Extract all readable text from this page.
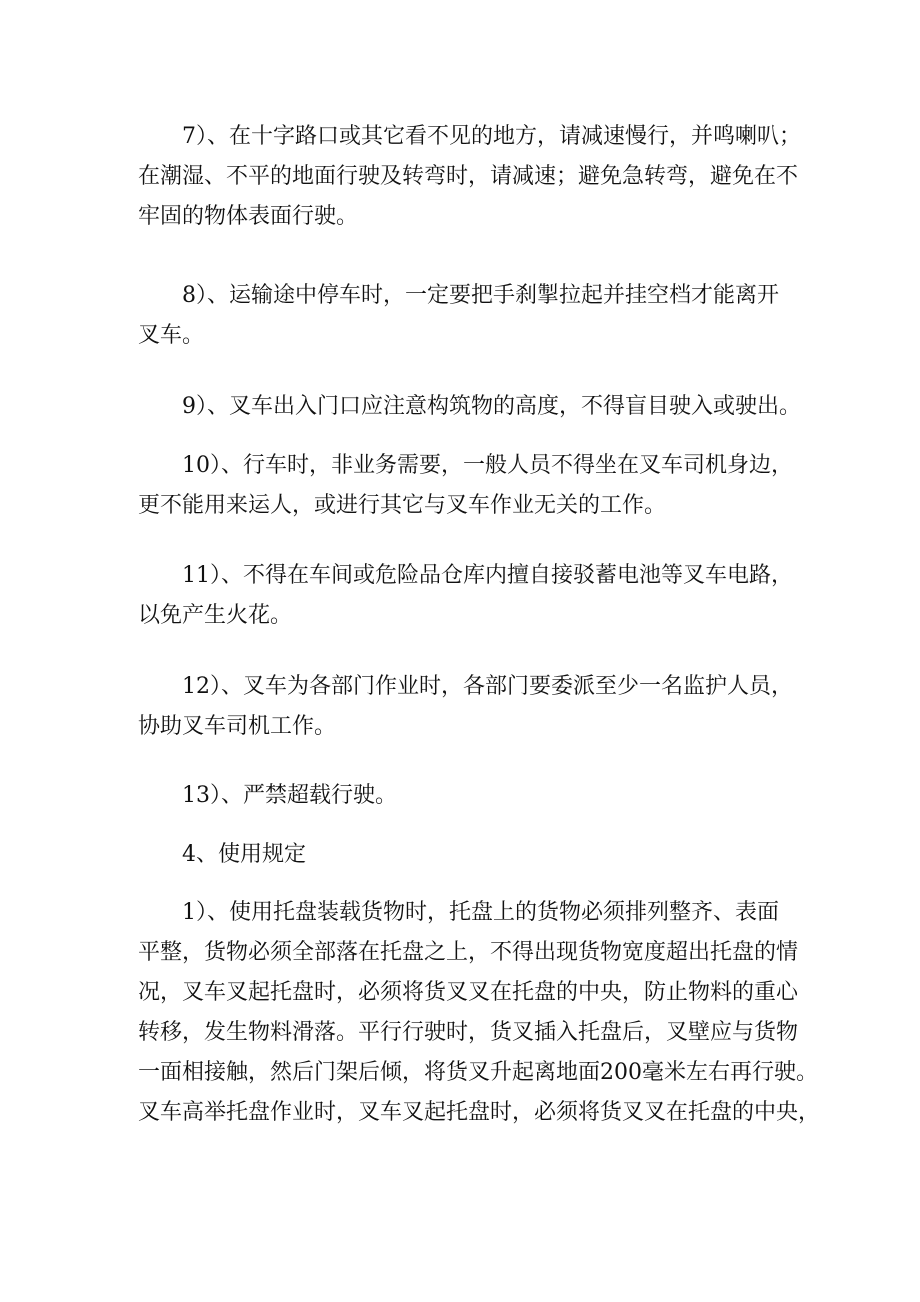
7）、在十字路口或其它看不见的地方，请减速慢行，并鸣喇叭；
在潮湿、不平的地面行驶及转弯时，请减速；避免急转弯，避免在不
牢固的物体表面行驶。
8）、运输途中停车时，一定要把手刹掣拉起并挂空档才能离开
叉车。
9）、叉车出入门口应注意构筑物的高度，不得盲目驶入或驶出。
10）、行车时，非业务需要，一般人员不得坐在叉车司机身边，
更不能用来运人，或进行其它与叉车作业无关的工作。
11）、不得在车间或危险品仓库内擅自接驳蓄电池等叉车电路，
以免产生火花。
12）、叉车为各部门作业时，各部门要委派至少一名监护人员，
协助叉车司机工作。
13）、严禁超载行驶。
4、使用规定
1）、使用托盘装载货物时，托盘上的货物必须排列整齐、表面
平整，货物必须全部落在托盘之上，不得出现货物宽度超出托盘的情
况，叉车叉起托盘时，必须将货叉叉在托盘的中央，防止物料的重心
转移，发生物料滑落。平行行驶时，货叉插入托盘后，叉壁应与货物
一面相接触，然后门架后倾，将货叉升起离地面200毫米左右再行驶。
叉车高举托盘作业时，叉车叉起托盘时，必须将货叉叉在托盘的中央，
